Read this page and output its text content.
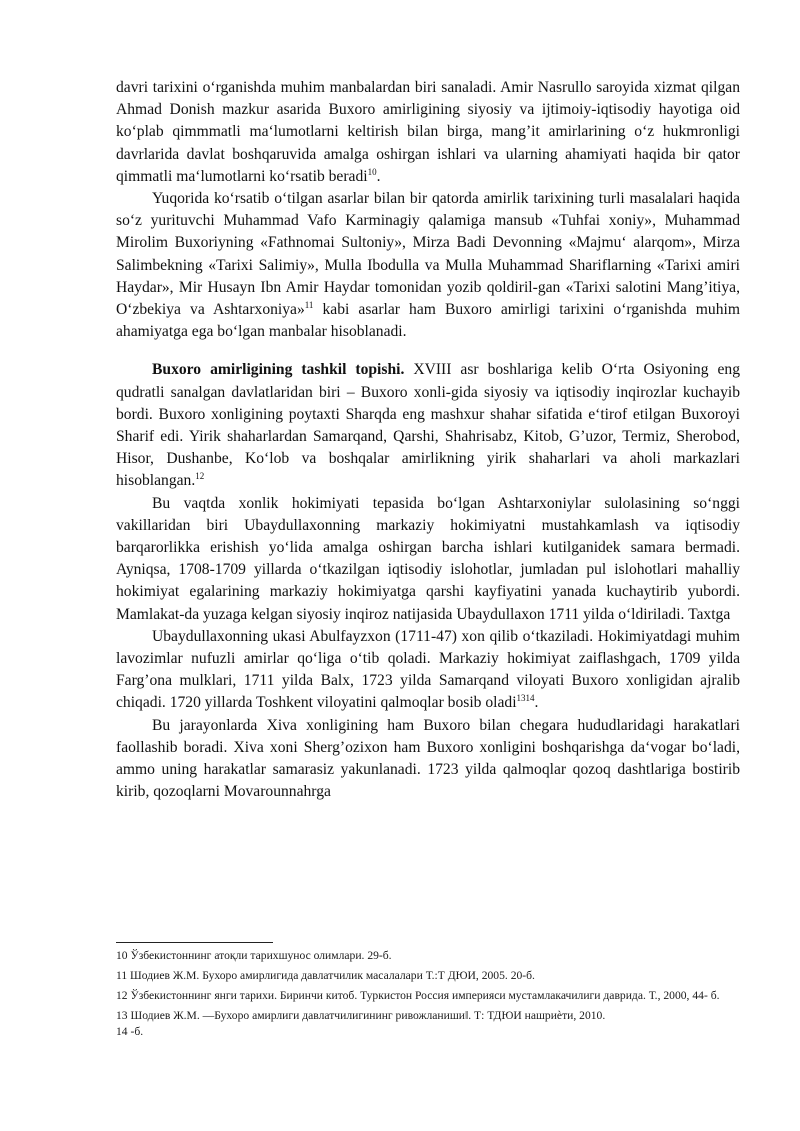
davri tarixini oʻrganishda muhim manbalardan biri sanaladi. Amir Nasrullo saroyida xizmat qilgan Ahmad Donish mazkur asarida Buxoro amirligining siyosiy va ijtimoiy-iqtisodiy hayotiga oid koʻplab qimmmatli maʻlumotlarni keltirish bilan birga, mangʼit amirlarining oʻz hukmronligi davrlarida davlat boshqaruvida amalga oshirgan ishlari va ularning ahamiyati haqida bir qator qimmatli maʻlumotlarni koʻrsatib beradi$^{10}$.

Yuqorida koʻrsatib oʻtilgan asarlar bilan bir qatorda amirlik tarixining turli masalalari haqida soʻz yurituvchi Muhammad Vafo Karminagiy qalamiga mansub «Tuhfai xoniy», Muhammad Mirolim Buxoriyning «Fathnomai Sultoniy», Mirza Badi Devonning «Majmuʻ alarqom», Mirza Salimbekning «Tarixi Salimiy», Mulla Ibodulla va Mulla Muhammad Shariflarning «Tarixi amiri Haydar», Mir Husayn Ibn Amir Haydar tomonidan yozib qoldiril-gan «Tarixi salotini Mangʼitiya, Oʻzbekiya va Ashtarxoniya»$^{11}$ kabi asarlar ham Buxoro amirligi tarixini oʻrganishda muhim ahamiyatga ega boʻlgan manbalar hisoblanadi.

Buxoro amirligining tashkil topishi. XVIII asr boshlariga kelib Oʻrta Osiyoning eng qudratli sanalgan davlatlaridan biri – Buxoro xonli-gida siyosiy va iqtisodiy inqirozlar kuchayib bordi. Buxoro xonligining poytaxti Sharqda eng mashxur shahar sifatida eʻtirof etilgan Buxoroyi Sharif edi. Yirik shaharlardan Samarqand, Qarshi, Shahrisabz, Kitob, Gʼuzor, Termiz, Sherobod, Hisor, Dushanbe, Koʻlob va boshqalar amirlikning yirik shaharlari va aholi markazlari hisoblangan.$^{12}$

Bu vaqtda xonlik hokimiyati tepasida boʻlgan Ashtarxoniylar sulolasining soʻnggi vakillaridan biri Ubaydullaxonning markaziy hokimiyatni mustahkamlash va iqtisodiy barqarorlikka erishish yoʻlida amalga oshirgan barcha ishlari kutilganidek samara bermadi. Ayniqsa, 1708-1709 yillarda oʻtkazilgan iqtisodiy islohotlar, jumladan pul islohotlari mahalliy hokimiyat egalarining markaziy hokimiyatga qarshi kayfiyatini yanada kuchaytirib yubordi. Mamlakat-da yuzaga kelgan siyosiy inqiroz natijasida Ubaydullaxon 1711 yilda oʻldiriladi. Taxtga

Ubaydullaxonning ukasi Abulfayzxon (1711-47) xon qilib oʻtkaziladi. Hokimiyatdagi muhim lavozimlar nufuzli amirlar qoʻliga oʻtib qoladi. Markaziy hokimiyat zaiflashgach, 1709 yilda Fargʼona mulklari, 1711 yilda Balx, 1723 yilda Samarqand viloyati Buxoro xonligidan ajralib chiqadi. 1720 yillarda Toshkent viloyatini qalmoqlar bosib oladi$^{1314}$.

Bu jarayonlarda Xiva xonligining ham Buxoro bilan chegara hududlaridagi harakatlari faollashib boradi. Xiva xoni Shergʼozixon ham Buxoro xonligini boshqarishga daʻvogar boʻladi, ammo uning harakatlar samarasiz yakunlanadi. 1723 yilda qalmoqlar qozoq dashtlariga bostirib kirib, qozoqlarni Movarounnahrga

10 Ўзбекистоннинг атоқли тарихшунос олимлари. 29-б.
11 Шодиев Ж.М. Бухоро амирлигида давлатчилик масалалари Т.:Т ДЮИ, 2005. 20-б.
12 Ўзбекистоннинг янги тарихи. Биринчи китоб. Туркистон Россия империяси мустамлакачилиги даврида. Т., 2000, 44- б.
13 Шодиев Ж.М. ―Бухоро амирлиги давлатчилигининг ривожланиши‖. Т: ТДЮИ нашриѐти, 2010.
14 -б.
